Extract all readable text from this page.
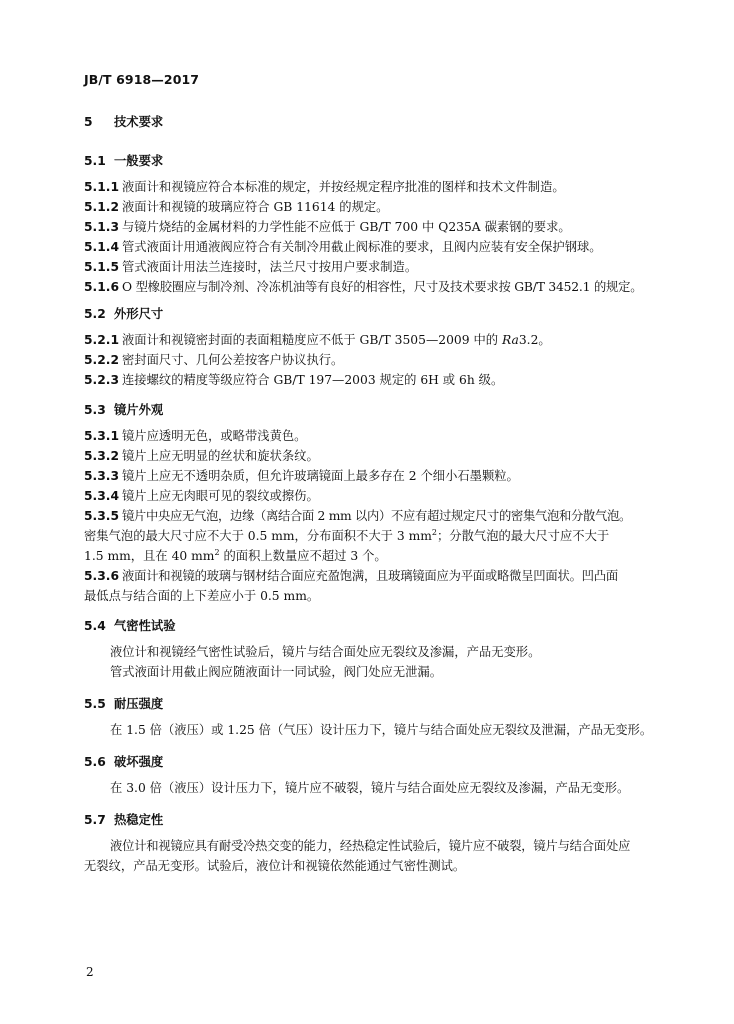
JB/T 6918—2017
5 技术要求
5.1 一般要求
5.1.1 液面计和视镜应符合本标准的规定，并按经规定程序批准的图样和技术文件制造。
5.1.2 液面计和视镜的玻璃应符合 GB 11614 的规定。
5.1.3 与镜片烧结的金属材料的力学性能不应低于 GB/T 700 中 Q235A 碳素钢的要求。
5.1.4 管式液面计用通液阀应符合有关制冷用截止阀标准的要求，且阀内应装有安全保护钢球。
5.1.5 管式液面计用法兰连接时，法兰尺寸按用户要求制造。
5.1.6 O 型橡胶圈应与制冷剂、冷冻机油等有良好的相容性，尺寸及技术要求按 GB/T 3452.1 的规定。
5.2 外形尺寸
5.2.1 液面计和视镜密封面的表面粗糙度应不低于 GB/T 3505—2009 中的 Ra3.2。
5.2.2 密封面尺寸、几何公差按客户协议执行。
5.2.3 连接螺纹的精度等级应符合 GB/T 197—2003 规定的 6H 或 6h 级。
5.3 镜片外观
5.3.1 镜片应透明无色，或略带浅黄色。
5.3.2 镜片上应无明显的丝状和旋状条纹。
5.3.3 镜片上应无不透明杂质，但允许玻璃镜面上最多存在 2 个细小石墨颗粒。
5.3.4 镜片上应无肉眼可见的裂纹或擦伤。
5.3.5 镜片中央应无气泡，边缘（离结合面 2 mm 以内）不应有超过规定尺寸的密集气泡和分散气泡。
密集气泡的最大尺寸应不大于 0.5 mm，分布面积不大于 3 $mm^2$；分散气泡的最大尺寸应不大于
1.5 mm，且在 40 $mm^2$ 的面积上数量应不超过 3 个。
5.3.6 液面计和视镜的玻璃与钢材结合面应充盈饱满，且玻璃镜面应为平面或略微呈凹面状。凹凸面
最低点与结合面的上下差应小于 0.5 mm。
5.4 气密性试验
液位计和视镜经气密性试验后，镜片与结合面处应无裂纹及渗漏，产品无变形。
管式液面计用截止阀应随液面计一同试验，阀门处应无泄漏。
5.5 耐压强度
在 1.5 倍（液压）或 1.25 倍（气压）设计压力下，镜片与结合面处应无裂纹及泄漏，产品无变形。
5.6 破坏强度
在 3.0 倍（液压）设计压力下，镜片应不破裂，镜片与结合面处应无裂纹及渗漏，产品无变形。
5.7 热稳定性
液位计和视镜应具有耐受冷热交变的能力，经热稳定性试验后，镜片应不破裂，镜片与结合面处应
无裂纹，产品无变形。试验后，液位计和视镜依然能通过气密性测试。
2
